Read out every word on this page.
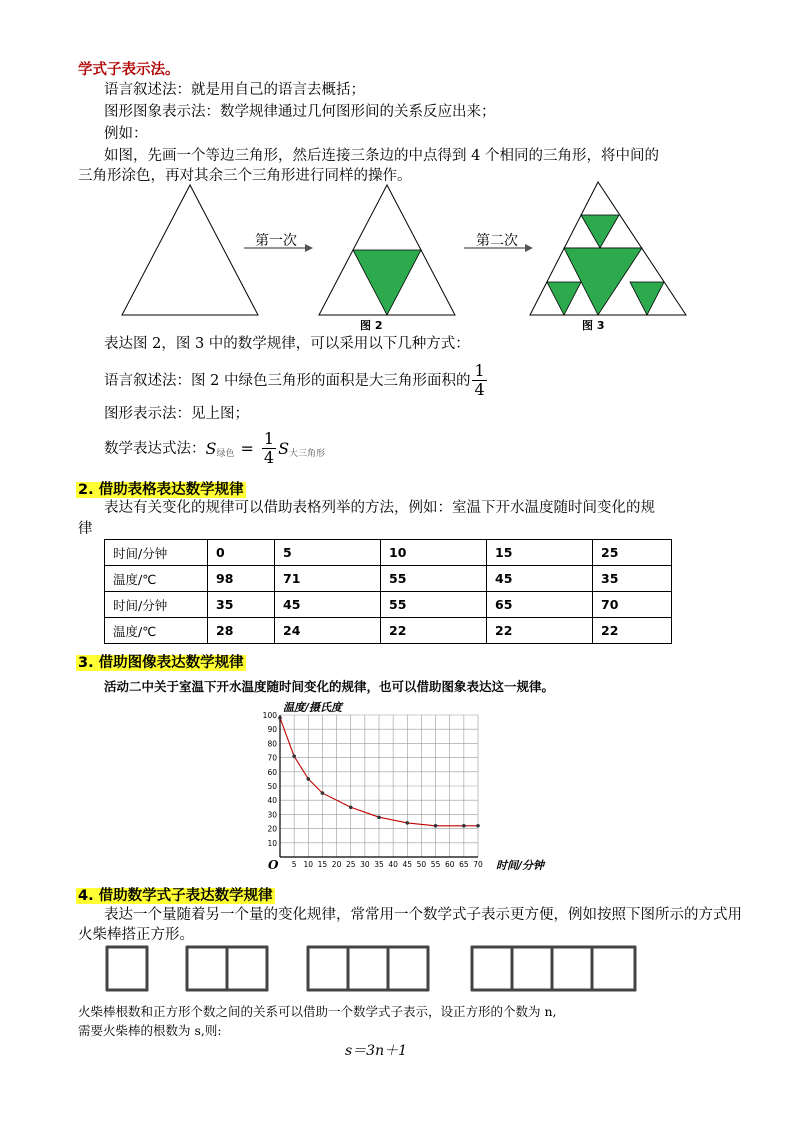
学式子表示法。
语言叙述法：就是用自己的语言去概括；
图形图象表示法：数学规律通过几何图形间的关系反应出来；
例如：
如图，先画一个等边三角形，然后连接三条边的中点得到 4 个相同的三角形，将中间的
三角形涂色，再对其余三个三角形进行同样的操作。
第一次	第二次
图 2	图 3
表达图 2，图 3 中的数学规律，可以采用以下几种方式：
语言叙述法：图 2 中绿色三角形的面积是大三角形面积的 $\frac{1}{4}$
图形表示法：见上图；
数学表达式法： S 绿色 = $\frac{1}{4}$ S 大三角形
2. 借助表格表达数学规律
表达有关变化的规律可以借助表格列举的方法，例如：室温下开水温度随时间变化的规
律
时间/分钟	0	5	10	15	25
温度/℃	98	71	55	45	35
时间/分钟	35	45	55	65	70
温度/℃	28	24	22	22	22
3. 借助图像表达数学规律
活动二中关于室温下开水温度随时间变化的规律，也可以借助图象表达这一规律。
5 10 15 20 25 30 35 40 45 50 55 60 65 70
10
20
30
40
50
60
70
80
90
100
O
温度/摄氏度
时间/分钟
4. 借助数学式子表达数学规律
表达一个量随着另一个量的变化规律，常常用一个数学式子表示更方便，例如按照下图所示的方式用
火柴棒搭正方形。
火柴棒根数和正方形个数之间的关系可以借助一个数学式子表示，设正方形的个数为 n,
需要火柴棒的根数为 s,则:
s＝3n＋1
